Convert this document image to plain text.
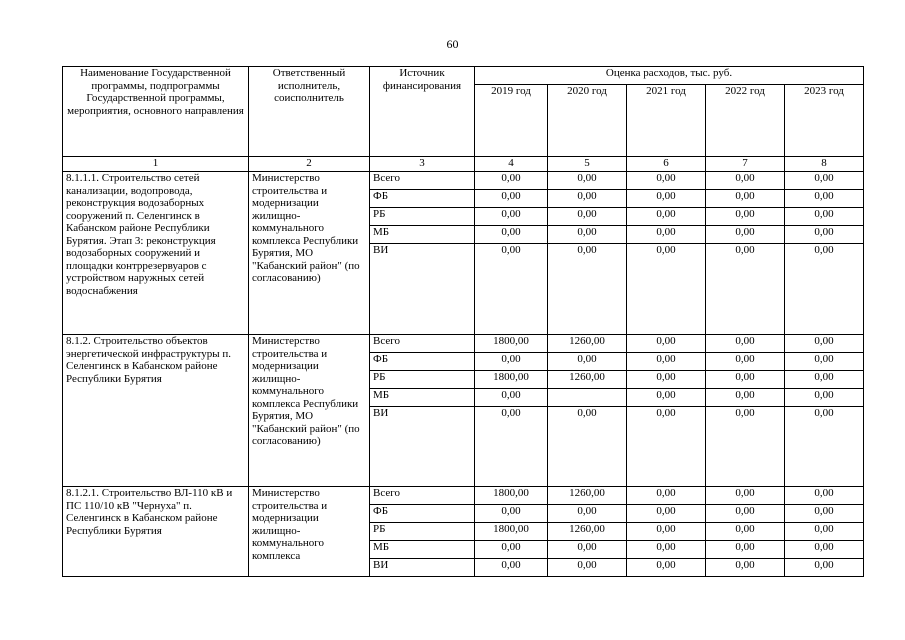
60
Наименование Государственной программы, подпрограммы Государственной программы, мероприятия, основного направления	Ответственный исполнитель, соисполнитель	Источник финансирования	Оценка расходов, тыс. руб.				
			2019 год	2020 год	2021 год	2022 год	2023 год
1	2	3	4	5	6	7	8
8.1.1.1. Строительство сетей канализации, водопровода, реконструкция водозаборных сооружений п. Селенгинск в Кабанском районе Республики Бурятия. Этап 3: реконструкция водозаборных сооружений и площадки контррезервуаров с устройством наружных сетей водоснабжения	Министерство строительства и модернизации жилищно-коммунального комплекса Республики Бурятия, МО "Кабанский район" (по согласованию)	Всего	0,00	0,00	0,00	0,00	0,00
		ФБ	0,00	0,00	0,00	0,00	0,00
		РБ	0,00	0,00	0,00	0,00	0,00
		МБ	0,00	0,00	0,00	0,00	0,00
		ВИ	0,00	0,00	0,00	0,00	0,00
8.1.2. Строительство объектов энергетической инфраструктуры п. Селенгинск в Кабанском районе Республики Бурятия	Министерство строительства и модернизации жилищно-коммунального комплекса Республики Бурятия, МО "Кабанский район" (по согласованию)	Всего	1800,00	1260,00	0,00	0,00	0,00
		ФБ	0,00	0,00	0,00	0,00	0,00
		РБ	1800,00	1260,00	0,00	0,00	0,00
		МБ	0,00		0,00	0,00	0,00
		ВИ	0,00	0,00	0,00	0,00	0,00
8.1.2.1. Строительство ВЛ-110 кВ и ПС 110/10 кВ "Чернуха" п. Селенгинск в Кабанском районе Республики Бурятия	Министерство строительства и модернизации жилищно-коммунального комплекса	Всего	1800,00	1260,00	0,00	0,00	0,00
		ФБ	0,00	0,00	0,00	0,00	0,00
		РБ	1800,00	1260,00	0,00	0,00	0,00
		МБ	0,00	0,00	0,00	0,00	0,00
		ВИ	0,00	0,00	0,00	0,00	0,00
